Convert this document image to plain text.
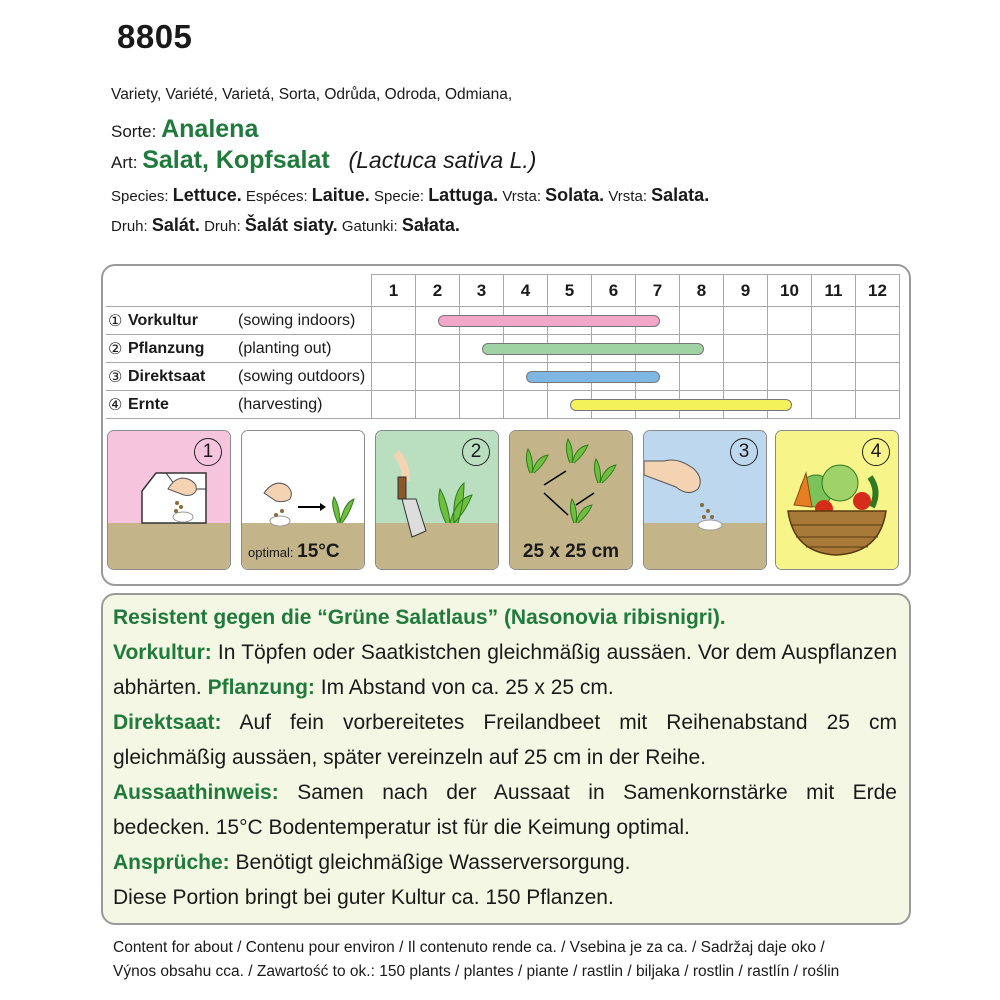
8805
Variety, Variété, Varietá, Sorta, Odrůda, Odroda, Odmiana,
Sorte: Analena
Art: Salat, Kopfsalat (Lactuca sativa L.)
Species: Lettuce. Espéces: Laitue. Specie: Lattuga. Vrsta: Solata. Vrsta: Salata.
Druh: Salát. Druh: Šalát siaty. Gatunki: Sałata.
	1	2	3	4	5	6	7	8	9	10	11	12

① Vorkultur (sowing indoors)												

② Pflanzung (planting out)												

③ Direktsaat (sowing outdoors)												

④ Ernte (harvesting)												

1
optimal: 15°C
2
25 x 25 cm
3	4

Resistent gegen die “Grüne Salatlaus” (Nasonovia ribisnigri).

Vorkultur: In Töpfen oder Saatkistchen gleichmäßig aussäen. Vor dem Auspflanzen abhärten. Pflanzung: Im Abstand von ca. 25 x 25 cm.

Direktsaat: Auf fein vorbereitetes Freilandbeet mit Reihenabstand 25 cm gleichmäßig aussäen, später vereinzeln auf 25 cm in der Reihe.

Aussaathinweis: Samen nach der Aussaat in Samenkornstärke mit Erde bedecken. 15°C Bodentemperatur ist für die Keimung optimal.

Ansprüche: Benötigt gleichmäßige Wasserversorgung.

Diese Portion bringt bei guter Kultur ca. 150 Pflanzen.

Content for about / Contenu pour environ / Il contenuto rende ca. / Vsebina je za ca. / Sadržaj daje oko /
Výnos obsahu cca. / Zawartość to ok.: 150 plants / plantes / piante / rastlin / biljaka / rostlin / rastlín / roślin
